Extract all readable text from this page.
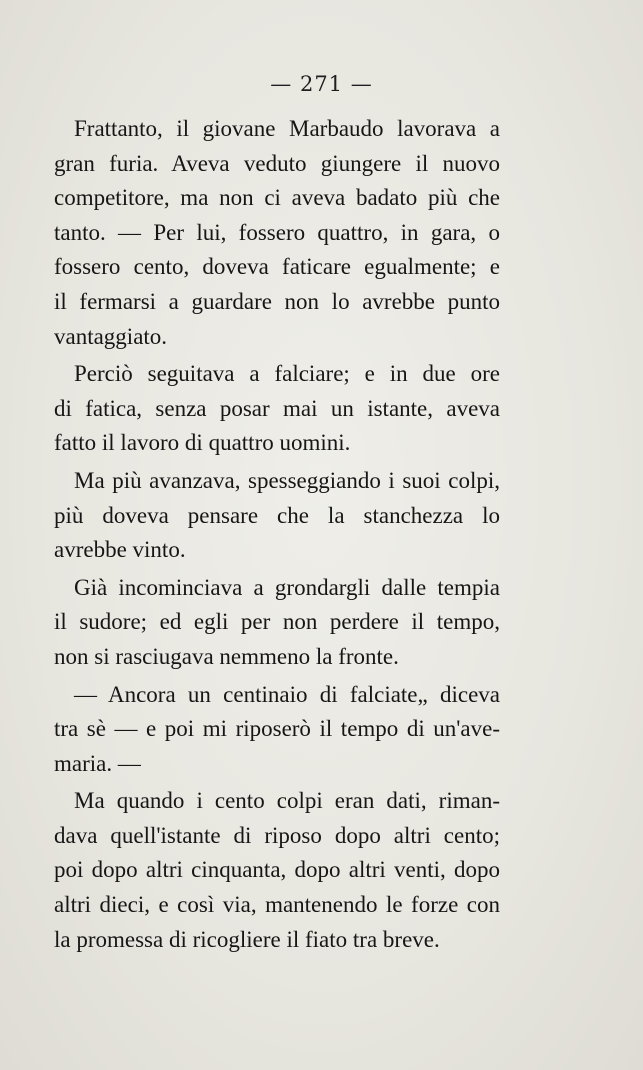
— 271 —
Frattanto, il giovane Marbaudo lavorava a
gran furia. Aveva veduto giungere il nuovo
competitore, ma non ci aveva badato più che
tanto. — Per lui, fossero quattro, in gara, o
fossero cento, doveva faticare egualmente; e
il fermarsi a guardare non lo avrebbe punto
vantaggiato.
Perciò seguitava a falciare; e in due ore
di fatica, senza posar mai un istante, aveva
fatto il lavoro di quattro uomini.
Ma più avanzava, spesseggiando i suoi colpi,
più doveva pensare che la stanchezza lo
avrebbe vinto.
Già incominciava a grondargli dalle tempia
il sudore; ed egli per non perdere il tempo,
non si rasciugava nemmeno la fronte.
— Ancora un centinaio di falciate„ diceva
tra sè — e poi mi riposerò il tempo di un'ave-
maria. —
Ma quando i cento colpi eran dati, riman-
dava quell'istante di riposo dopo altri cento;
poi dopo altri cinquanta, dopo altri venti, dopo
altri dieci, e così via, mantenendo le forze con
la promessa di ricogliere il fiato tra breve.
